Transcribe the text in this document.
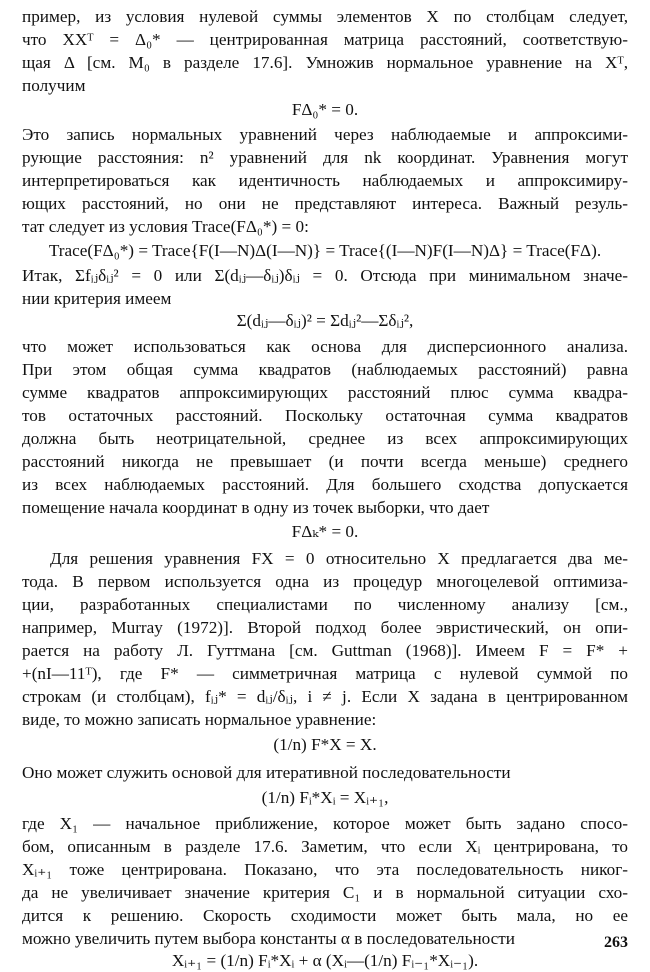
пример, из условия нулевой суммы элементов X по столбцам следует,
что XXᵀ = Δ₀* — центрированная матрица расстояний, соответствую-
щая Δ [см. M₀ в разделе 17.6]. Умножив нормальное уравнение на Xᵀ,
получим
FΔ₀* = 0.
Это запись нормальных уравнений через наблюдаемые и аппроксими-
рующие расстояния: n² уравнений для nk координат. Уравнения могут
интерпретироваться как идентичность наблюдаемых и аппроксимиру-
ющих расстояний, но они не представляют интереса. Важный резуль-
тат следует из условия Trace(FΔ₀*) = 0:
Trace(FΔ₀*) = Trace{F(I—N)Δ(I—N)} = Trace{(I—N)F(I—N)Δ} = Trace(FΔ).
Итак, Σfᵢⱼδᵢⱼ² = 0 или Σ(dᵢⱼ—δᵢⱼ)δᵢⱼ = 0. Отсюда при минимальном значе-
нии критерия имеем
Σ(dᵢⱼ—δᵢⱼ)² = Σdᵢⱼ²—Σδᵢⱼ²,
что может использоваться как основа для дисперсионного анализа.
При этом общая сумма квадратов (наблюдаемых расстояний) равна
сумме квадратов аппроксимирующих расстояний плюс сумма квадра-
тов остаточных расстояний. Поскольку остаточная сумма квадратов
должна быть неотрицательной, среднее из всех аппроксимирующих
расстояний никогда не превышает (и почти всегда меньше) среднего
из всех наблюдаемых расстояний. Для большего сходства допускается
помещение начала координат в одну из точек выборки, что дает
FΔₖ* = 0.
Для решения уравнения FX = 0 относительно X предлагается два ме-
тода. В первом используется одна из процедур многоцелевой оптимиза-
ции, разработанных специалистами по численному анализу [см.,
например, Murray (1972)]. Второй подход более эвристический, он опи-
рается на работу Л. Гуттмана [см. Guttman (1968)]. Имеем F = F* +
+(nI—11ᵀ), где F* — симметричная матрица с нулевой суммой по
строкам (и столбцам), fᵢⱼ* = dᵢⱼ/δᵢⱼ, i ≠ j. Если X задана в центрированном
виде, то можно записать нормальное уравнение:
(1/n) F*X = X.
Оно может служить основой для итеративной последовательности
(1/n) Fᵢ*Xᵢ = Xᵢ₊₁,
где X₁ — начальное приближение, которое может быть задано спосо-
бом, описанным в разделе 17.6. Заметим, что если Xᵢ центрирована, то
Xᵢ₊₁ тоже центрирована. Показано, что эта последовательность никог-
да не увеличивает значение критерия C₁ и в нормальной ситуации схо-
дится к решению. Скорость сходимости может быть мала, но ее
можно увеличить путем выбора константы α в последовательности
Xᵢ₊₁ = (1/n) Fᵢ*Xᵢ + α (Xᵢ—(1/n) Fᵢ₋₁*Xᵢ₋₁).
263
